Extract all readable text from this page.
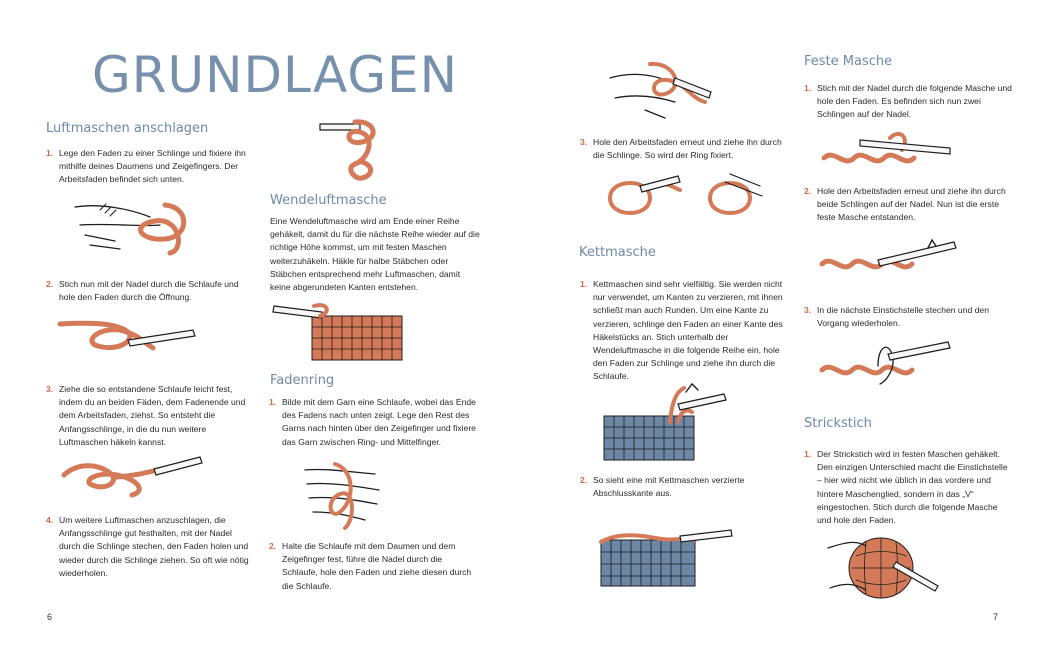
GRUNDLAGEN
Luftmaschen anschlagen
1. Lege den Faden zu einer Schlinge und fixiere ihn mithilfe deines Daumens und Zeigefingers. Der Arbeitsfaden befindet sich unten.
2. Stich nun mit der Nadel durch die Schlaufe und hole den Faden durch die Öffnung.
3. Ziehe die so entstandene Schlaufe leicht fest, indem du an beiden Fäden, dem Fadenende und dem Arbeitsfaden, ziehst. So entsteht die Anfangsschlinge, in die du nun weitere Luftmaschen häkeln kannst.
4. Um weitere Luftmaschen anzuschlagen, die Anfangsschlinge gut festhalten, mit der Nadel durch die Schlinge stechen, den Faden holen und wieder durch die Schlinge ziehen. So oft wie nötig wiederholen.
6
Wendeluftmasche
Eine Wendeluftmasche wird am Ende einer Reihe gehäkelt, damit du für die nächste Reihe wieder auf die richtige Höhe kommst, um mit festen Maschen weiterzuhäkeln. Häkle für halbe Stäbchen oder Stäbchen entsprechend mehr Luftmaschen, damit keine abgerundeten Kanten entstehen.
Fadenring
1. Bilde mit dem Garn eine Schlaufe, wobei das Ende des Fadens nach unten zeigt. Lege den Rest des Garns nach hinten über den Zeigefinger und fixiere das Garn zwischen Ring- und Mittelfinger.
2. Halte die Schlaufe mit dem Daumen und dem Zeigefinger fest, führe die Nadel durch die Schlaufe, hole den Faden und ziehe diesen durch die Schlaufe.
3. Hole den Arbeitsfaden erneut und ziehe ihn durch die Schlinge. So wird der Ring fixiert.
Kettmasche
1. Kettmaschen sind sehr vielfältig. Sie werden nicht nur verwendet, um Kanten zu verzieren, mit ihnen schließt man auch Runden. Um eine Kante zu verzieren, schlinge den Faden an einer Kante des Häkelstücks an. Stich unterhalb der Wendeluftmasche in die folgende Reihe ein, hole den Faden zur Schlinge und ziehe ihn durch die Schlaufe.
2. So sieht eine mit Kettmaschen verzierte Abschlusskante aus.
Feste Masche
1. Stich mit der Nadel durch die folgende Masche und hole den Faden. Es befinden sich nun zwei Schlingen auf der Nadel.
2. Hole den Arbeitsfaden erneut und ziehe ihn durch beide Schlingen auf der Nadel. Nun ist die erste feste Masche entstanden.
3. In die nächste Einstichstelle stechen und den Vorgang wiederholen.
Strickstich
1. Der Strickstich wird in festen Maschen gehäkelt. Den einzigen Unterschied macht die Einstichstelle – hier wird nicht wie üblich in das vordere und hintere Maschenglied, sondern in das „V“ eingestochen. Stich durch die folgende Masche und hole den Faden.
7
